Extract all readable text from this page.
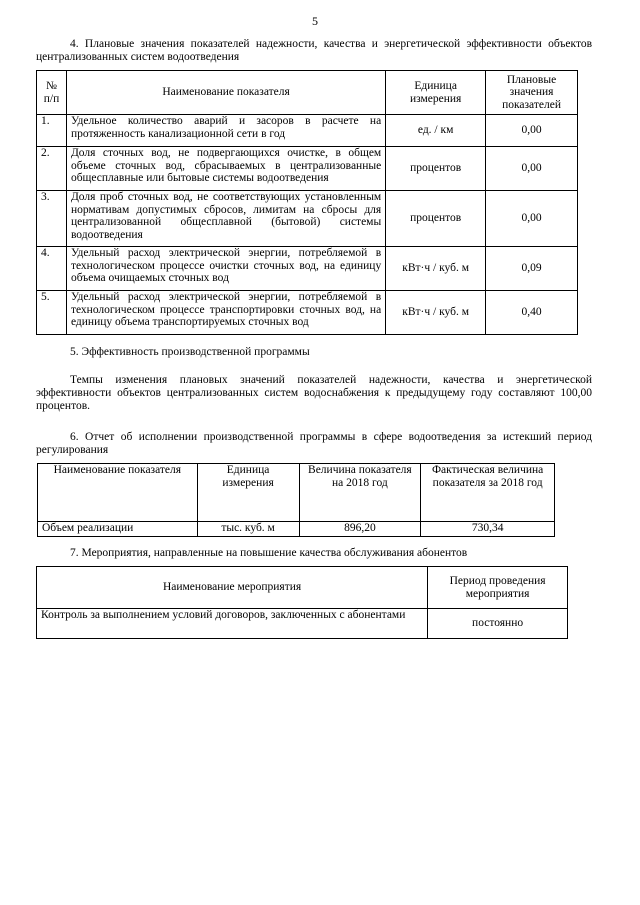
5
4. Плановые значения показателей надежности, качества и энергетической эффективности объектов централизованных систем водоотведения
№ п/п	Наименование показателя	Единица измерения	Плановые значения показателей
1.	Удельное количество аварий и засоров в расчете на протяженность канализационной сети в год	ед. / км	0,00
2.	Доля сточных вод, не подвергающихся очистке, в общем объеме сточных вод, сбрасываемых в централизованные общесплавные или бытовые системы водоотведения	процентов	0,00
3.	Доля проб сточных вод, не соответствующих установленным нормативам допустимых сбросов, лимитам на сбросы для централизованной общесплавной (бытовой) системы водоотведения	процентов	0,00
4.	Удельный расход электрической энергии, потребляемой в технологическом процессе очистки сточных вод, на единицу объема очищаемых сточных вод	кВт·ч / куб. м	0,09
5.	Удельный расход электрической энергии, потребляемой в технологическом процессе транспортировки сточных вод, на единицу объема транспортируемых сточных вод	кВт·ч / куб. м	0,40
5. Эффективность производственной программы
Темпы изменения плановых значений показателей надежности, качества и энергетической эффективности объектов централизованных систем водоснабжения к предыдущему году составляют 100,00 процентов.
6. Отчет об исполнении производственной программы в сфере водоотведения за истекший период регулирования
Наименование показателя	Единица измерения	Величина показателя на 2018 год	Фактическая величина показателя за 2018 год
Объем реализации	тыс. куб. м	896,20	730,34
7. Мероприятия, направленные на повышение качества обслуживания абонентов
Наименование мероприятия	Период проведения мероприятия
Контроль за выполнением условий договоров, заключенных с абонентами	постоянно
